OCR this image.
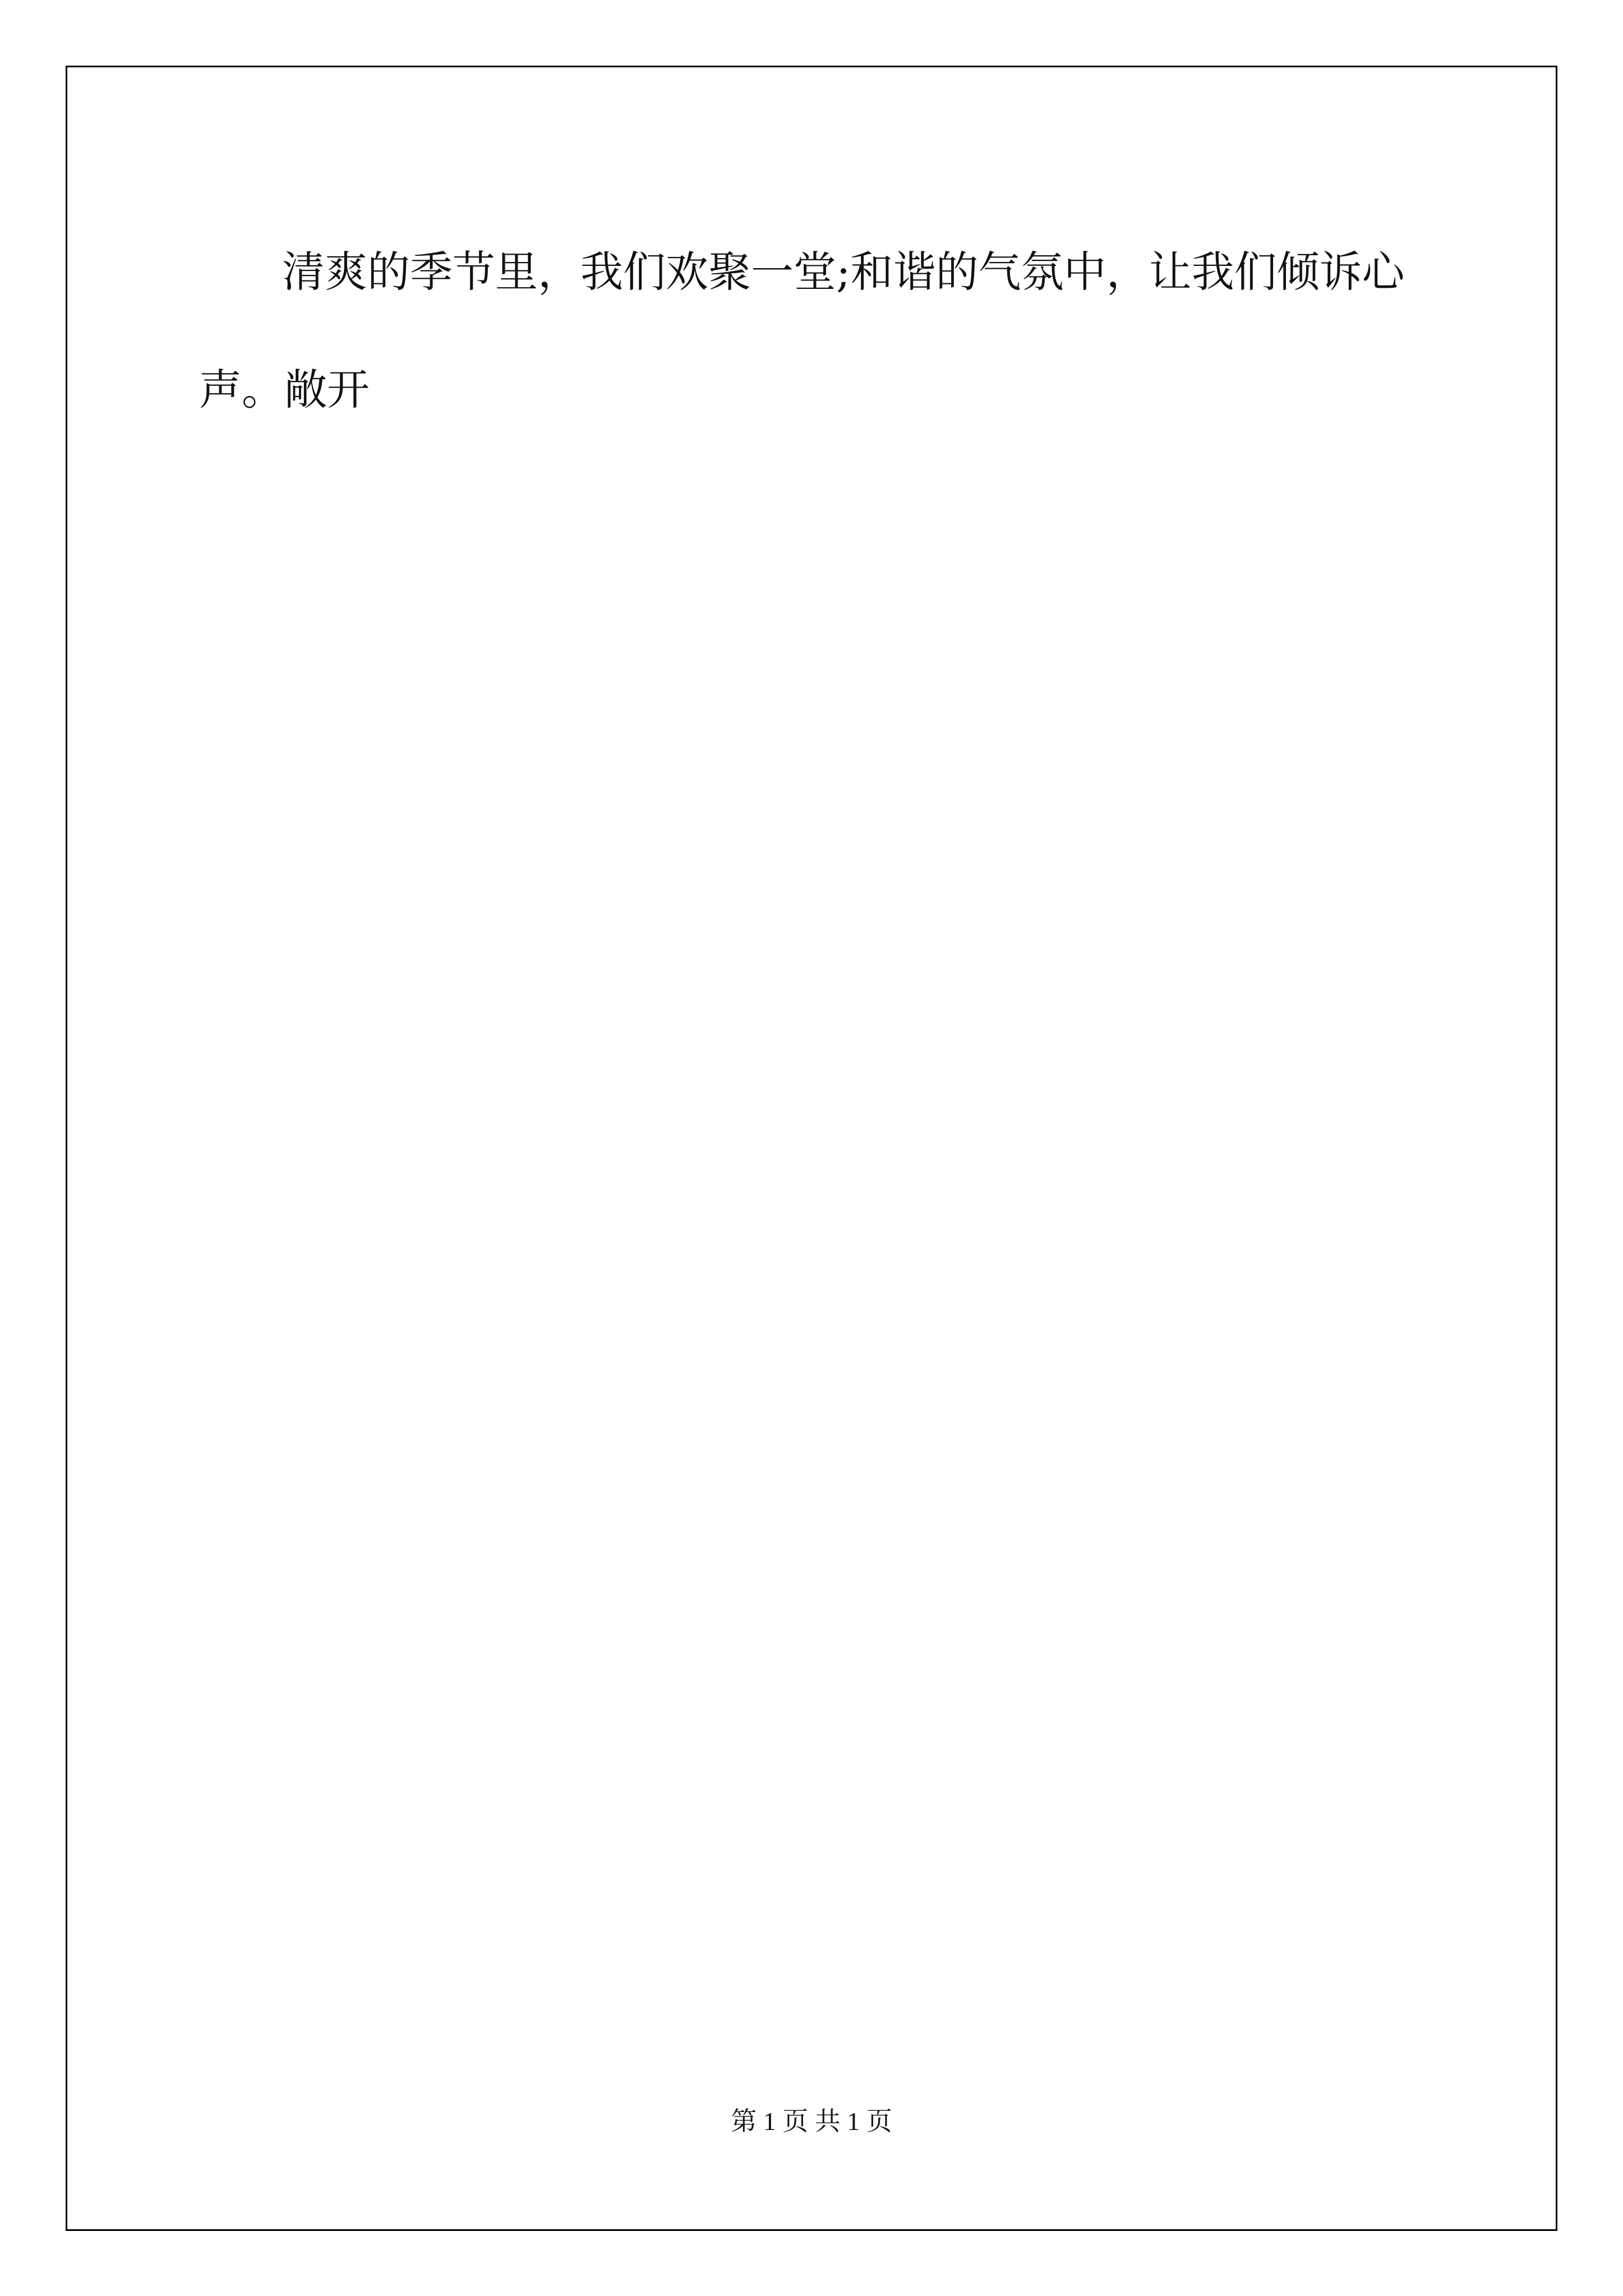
清爽的季节里，我们欢聚一堂;和谐的气氛中，让我们倾诉心声。敞开
第 1 页 共 1 页
